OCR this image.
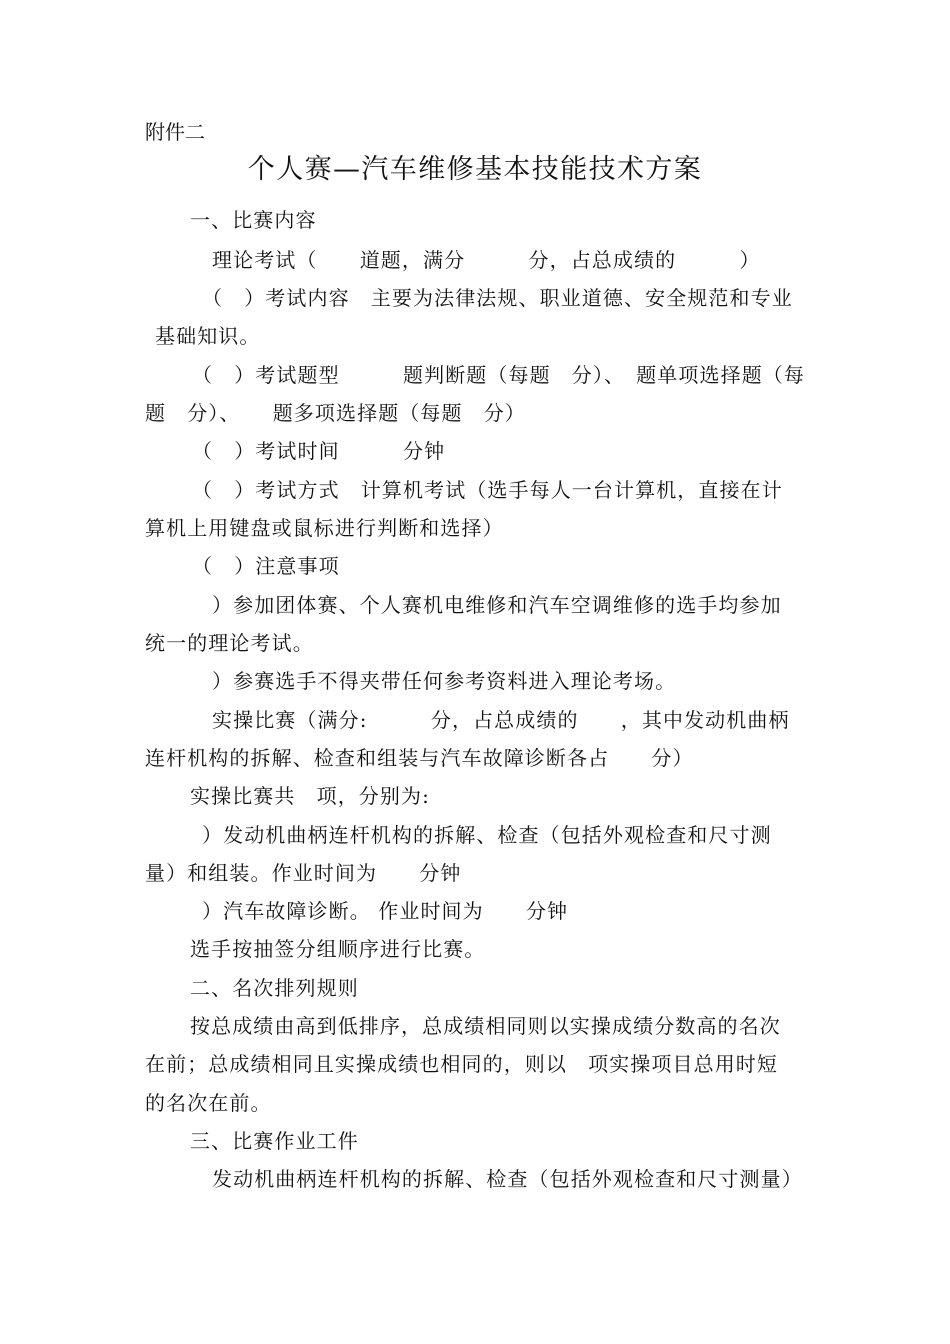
附件二
个人赛—汽车维修基本技能技术方案
一、比赛内容
理论考试（　　道题，满分　　　分，占总成绩的　　　）
（　）考试内容　主要为法律法规、职业道德、安全规范和专业
基础知识。
（　）考试题型　　　题判断题（每题　分）、　题单项选择题（每
题　分）、　　题多项选择题（每题　分）
（　）考试时间　　　分钟
（　）考试方式　计算机考试（选手每人一台计算机，直接在计
算机上用键盘或鼠标进行判断和选择）
（　）注意事项
）参加团体赛、个人赛机电维修和汽车空调维修的选手均参加
统一的理论考试。
）参赛选手不得夹带任何参考资料进入理论考场。
实操比赛（满分:　　　分，占总成绩的　　，其中发动机曲柄
连杆机构的拆解、检查和组装与汽车故障诊断各占　　分）
实操比赛共　项，分别为:
）发动机曲柄连杆机构的拆解、检查（包括外观检查和尺寸测
量）和组装。作业时间为　　分钟
）汽车故障诊断。 作业时间为　　分钟
选手按抽签分组顺序进行比赛。
二、名次排列规则
按总成绩由高到低排序，总成绩相同则以实操成绩分数高的名次
在前；总成绩相同且实操成绩也相同的，则以　项实操项目总用时短
的名次在前。
三、比赛作业工件
发动机曲柄连杆机构的拆解、检查（包括外观检查和尺寸测量）
